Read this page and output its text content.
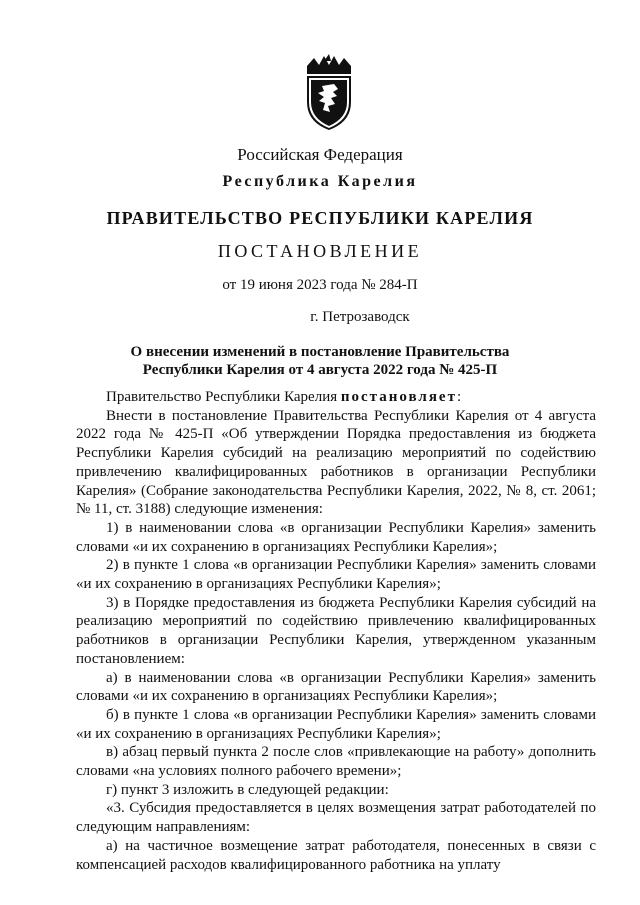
Российская Федерация
Республика Карелия
ПРАВИТЕЛЬСТВО РЕСПУБЛИКИ КАРЕЛИЯ
ПОСТАНОВЛЕНИЕ
от 19 июня 2023 года № 284-П
г. Петрозаводск
О внесении изменений в постановление Правительства
Республики Карелия от 4 августа 2022 года № 425-П

Правительство Республики Карелия постановляет:

Внести в постановление Правительства Республики Карелия от 4 августа 2022 года № 425-П «Об утверждении Порядка предоставления из бюджета Республики Карелия субсидий на реализацию мероприятий по содействию привлечению квалифицированных работников в организации Республики Карелия» (Собрание законодательства Республики Карелия, 2022, № 8, ст. 2061; № 11, ст. 3188) следующие изменения:

1) в наименовании слова «в организации Республики Карелия» заменить словами «и их сохранению в организациях Республики Карелия»;

2) в пункте 1 слова «в организации Республики Карелия» заменить словами «и их сохранению в организациях Республики Карелия»;

3) в Порядке предоставления из бюджета Республики Карелия субсидий на реализацию мероприятий по содействию привлечению квалифицированных работников в организации Республики Карелия, утвержденном указанным постановлением:

а) в наименовании слова «в организации Республики Карелия» заменить словами «и их сохранению в организациях Республики Карелия»;

б) в пункте 1 слова «в организации Республики Карелия» заменить словами «и их сохранению в организациях Республики Карелия»;

в) абзац первый пункта 2 после слов «привлекающие на работу» дополнить словами «на условиях полного рабочего времени»;

г) пункт 3 изложить в следующей редакции:

«3. Субсидия предоставляется в целях возмещения затрат работодателей по следующим направлениям:

а) на частичное возмещение затрат работодателя, понесенных в связи с компенсацией расходов квалифицированного работника на уплату
